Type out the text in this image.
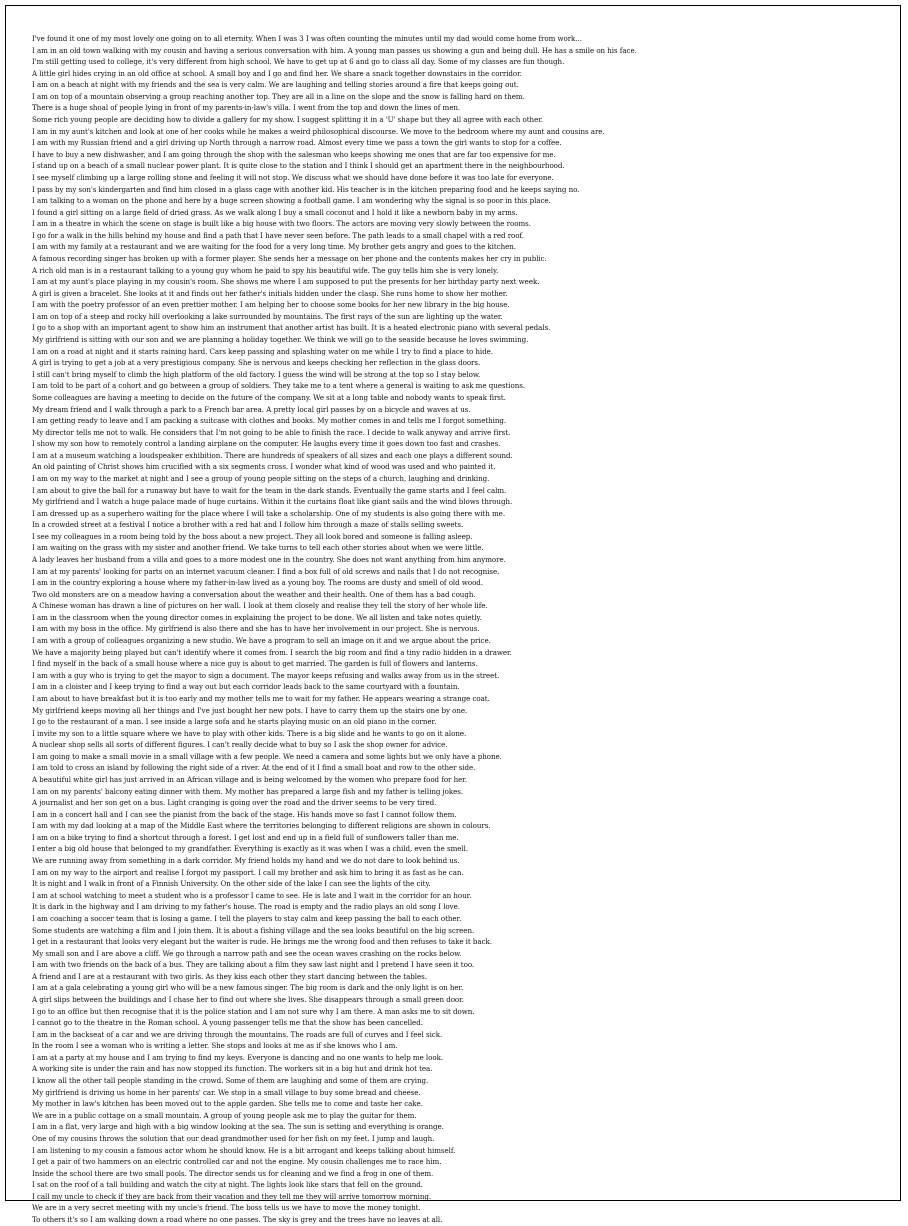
I've found it one of my most lovely one going on to all eternity. When I was 3 I was often counting the minutes until my dad would come home from work...
I am in an old town walking with my cousin and having a serious conversation with him. A young man passes us showing a gun and being dull. He has a smile on his face.
I'm still getting used to college, it's very different from high school. We have to get up at 6 and go to class all day. Some of my classes are fun though.
A little girl hides crying in an old office at school. A small boy and I go and find her. We share a snack together downstairs in the corridor.
I am on a beach at night with my friends and the sea is very calm. We are laughing and telling stories around a fire that keeps going out.
I am on top of a mountain observing a group reaching another top. They are all in a line on the slope and the snow is falling hard on them.
There is a huge shoal of people lying in front of my parents-in-law's villa. I went from the top and down the lines of men.
Some rich young people are deciding how to divide a gallery for my show. I suggest splitting it in a 'U' shape but they all agree with each other.
I am in my aunt's kitchen and look at one of her cooks while he makes a weird philosophical discourse. We move to the bedroom where my aunt and cousins are.
I am with my Russian friend and a girl driving up North through a narrow road. Almost every time we pass a town the girl wants to stop for a coffee.
I have to buy a new dishwasher, and I am going through the shop with the salesman who keeps showing me ones that are far too expensive for me.
I stand up on a beach of a small nuclear power plant. It is quite close to the station and I think I should get an apartment there in the neighbourhood.
I see myself climbing up a large rolling stone and feeling it will not stop. We discuss what we should have done before it was too late for everyone.
I pass by my son's kindergarten and find him closed in a glass cage with another kid. His teacher is in the kitchen preparing food and he keeps saying no.
I am talking to a woman on the phone and here by a huge screen showing a football game. I am wondering why the signal is so poor in this place.
I found a girl sitting on a large field of dried grass. As we walk along I buy a small coconut and I hold it like a newborn baby in my arms.
I am in a theatre in which the scene on stage is built like a big house with two floors. The actors are moving very slowly between the rooms.
I go for a walk in the hills behind my house and find a path that I have never seen before. The path leads to a small chapel with a red roof.
I am with my family at a restaurant and we are waiting for the food for a very long time. My brother gets angry and goes to the kitchen.
A famous recording singer has broken up with a former player. She sends her a message on her phone and the contents makes her cry in public.
A rich old man is in a restaurant talking to a young guy whom he paid to spy his beautiful wife. The guy tells him she is very lonely.
I am at my aunt's place playing in my cousin's room. She shows me where I am supposed to put the presents for her birthday party next week.
A girl is given a bracelet. She looks at it and finds out her father's initials hidden under the clasp. She runs home to show her mother.
I am with the poetry professor of an even prettier mother. I am helping her to choose some books for her new library in the big house.
I am on top of a steep and rocky hill overlooking a lake surrounded by mountains. The first rays of the sun are lighting up the water.
I go to a shop with an important agent to show him an instrument that another artist has built. It is a heated electronic piano with several pedals.
My girlfriend is sitting with our son and we are planning a holiday together. We think we will go to the seaside because he loves swimming.
I am on a road at night and it starts raining hard. Cars keep passing and splashing water on me while I try to find a place to hide.
A girl is trying to get a job at a very prestigious company. She is nervous and keeps checking her reflection in the glass doors.
I still can't bring myself to climb the high platform of the old factory. I guess the wind will be strong at the top so I stay below.
I am told to be part of a cohort and go between a group of soldiers. They take me to a tent where a general is waiting to ask me questions.
Some colleagues are having a meeting to decide on the future of the company. We sit at a long table and nobody wants to speak first.
My dream friend and I walk through a park to a French bar area. A pretty local girl passes by on a bicycle and waves at us.
I am getting ready to leave and I am packing a suitcase with clothes and books. My mother comes in and tells me I forgot something.
My director tells me not to walk. He considers that I'm not going to be able to finish the race. I decide to walk anyway and arrive first.
I show my son how to remotely control a landing airplane on the computer. He laughs every time it goes down too fast and crashes.
I am at a museum watching a loudspeaker exhibition. There are hundreds of speakers of all sizes and each one plays a different sound.
An old painting of Christ shows him crucified with a six segments cross. I wonder what kind of wood was used and who painted it.
I am on my way to the market at night and I see a group of young people sitting on the steps of a church, laughing and drinking.
I am about to give the ball for a runaway but have to wait for the team in the dark stands. Eventually the game starts and I feel calm.
My girlfriend and I watch a huge palace made of huge curtains. Within it the curtains float like giant sails and the wind blows through.
I am dressed up as a superhero waiting for the place where I will take a scholarship. One of my students is also going there with me.
In a crowded street at a festival I notice a brother with a red hat and I follow him through a maze of stalls selling sweets.
I see my colleagues in a room being told by the boss about a new project. They all look bored and someone is falling asleep.
I am waiting on the grass with my sister and another friend. We take turns to tell each other stories about when we were little.
A lady leaves her husband from a villa and goes to a more modest one in the country. She does not want anything from him anymore.
I am at my parents' looking for parts on an internet vacuum cleaner. I find a box full of old screws and nails that I do not recognise.
I am in the country exploring a house where my father-in-law lived as a young boy. The rooms are dusty and smell of old wood.
Two old monsters are on a meadow having a conversation about the weather and their health. One of them has a bad cough.
A Chinese woman has drawn a line of pictures on her wall. I look at them closely and realise they tell the story of her whole life.
I am in the classroom when the young director comes in explaining the project to be done. We all listen and take notes quietly.
I am with my boss in the office. My girlfriend is also there and she has to have her involvement in our project. She is nervous.
I am with a group of colleagues organizing a new studio. We have a program to sell an image on it and we argue about the price.
We have a majority being played but can't identify where it comes from. I search the big room and find a tiny radio hidden in a drawer.
I find myself in the back of a small house where a nice guy is about to get married. The garden is full of flowers and lanterns.
I am with a guy who is trying to get the mayor to sign a document. The mayor keeps refusing and walks away from us in the street.
I am in a cloister and I keep trying to find a way out but each corridor leads back to the same courtyard with a fountain.
I am about to have breakfast but it is too early and my mother tells me to wait for my father. He appears wearing a strange coat.
My girlfriend keeps moving all her things and I've just bought her new pots. I have to carry them up the stairs one by one.
I go to the restaurant of a man. I see inside a large sofa and he starts playing music on an old piano in the corner.
I invite my son to a little square where we have to play with other kids. There is a big slide and he wants to go on it alone.
A nuclear shop sells all sorts of different figures. I can't really decide what to buy so I ask the shop owner for advice.
I am going to make a small movie in a small village with a few people. We need a camera and some lights but we only have a phone.
I am told to cross an island by following the right side of a river. At the end of it I find a small boat and row to the other side.
A beautiful white girl has just arrived in an African village and is being welcomed by the women who prepare food for her.
I am on my parents' balcony eating dinner with them. My mother has prepared a large fish and my father is telling jokes.
A journalist and her son get on a bus. Light cranging is going over the road and the driver seems to be very tired.
I am in a concert hall and I can see the pianist from the back of the stage. His hands move so fast I cannot follow them.
I am with my dad looking at a map of the Middle East where the territories belonging to different religions are shown in colours.
I am on a bike trying to find a shortcut through a forest. I get lost and end up in a field full of sunflowers taller than me.
I enter a big old house that belonged to my grandfather. Everything is exactly as it was when I was a child, even the smell.
We are running away from something in a dark corridor. My friend holds my hand and we do not dare to look behind us.
I am on my way to the airport and realise I forgot my passport. I call my brother and ask him to bring it as fast as he can.
It is night and I walk in front of a Finnish University. On the other side of the lake I can see the lights of the city.
I am at school watching to meet a student who is a professor I came to see. He is late and I wait in the corridor for an hour.
It is dark in the highway and I am driving to my father's house. The road is empty and the radio plays an old song I love.
I am coaching a soccer team that is losing a game. I tell the players to stay calm and keep passing the ball to each other.
Some students are watching a film and I join them. It is about a fishing village and the sea looks beautiful on the big screen.
I get in a restaurant that looks very elegant but the waiter is rude. He brings me the wrong food and then refuses to take it back.
My small son and I are above a cliff. We go through a narrow path and see the ocean waves crashing on the rocks below.
I am with two friends on the back of a bus. They are talking about a film they saw last night and I pretend I have seen it too.
A friend and I are at a restaurant with two girls. As they kiss each other they start dancing between the tables.
I am at a gala celebrating a young girl who will be a new famous singer. The big room is dark and the only light is on her.
A girl slips between the buildings and I chase her to find out where she lives. She disappears through a small green door.
I go to an office but then recognise that it is the police station and I am not sure why I am there. A man asks me to sit down.
I cannot go to the theatre in the Roman school. A young passenger tells me that the show has been cancelled.
I am in the backseat of a car and we are driving through the mountains. The roads are full of curves and I feel sick.
In the room I see a woman who is writing a letter. She stops and looks at me as if she knows who I am.
I am at a party at my house and I am trying to find my keys. Everyone is dancing and no one wants to help me look.
A working site is under the rain and has now stopped its function. The workers sit in a big hut and drink hot tea.
I know all the other tall people standing in the crowd. Some of them are laughing and some of them are crying.
My girlfriend is driving us home in her parents' car. We stop in a small village to buy some bread and cheese.
My mother in law's kitchen has been moved out to the apple garden. She tells me to come and taste her cake.
We are in a public cottage on a small mountain. A group of young people ask me to play the guitar for them.
I am in a flat, very large and high with a big window looking at the sea. The sun is setting and everything is orange.
One of my cousins throws the solution that our dead grandmother used for her fish on my feet. I jump and laugh.
I am listening to my cousin a famous actor whom he should know. He is a bit arrogant and keeps talking about himself.
I get a pair of two hammers on an electric controlled car and not the engine. My cousin challenges me to race him.
Inside the school there are two small pools. The director sends us for cleaning and we find a frog in one of them.
I sat on the roof of a tall building and watch the city at night. The lights look like stars that fell on the ground.
I call my uncle to check if they are back from their vacation and they tell me they will arrive tomorrow morning.
We are in a very secret meeting with my uncle's friend. The boss tells us we have to move the money tonight.
To others it's so I am walking down a road where no one passes. The sky is grey and the trees have no leaves at all.
